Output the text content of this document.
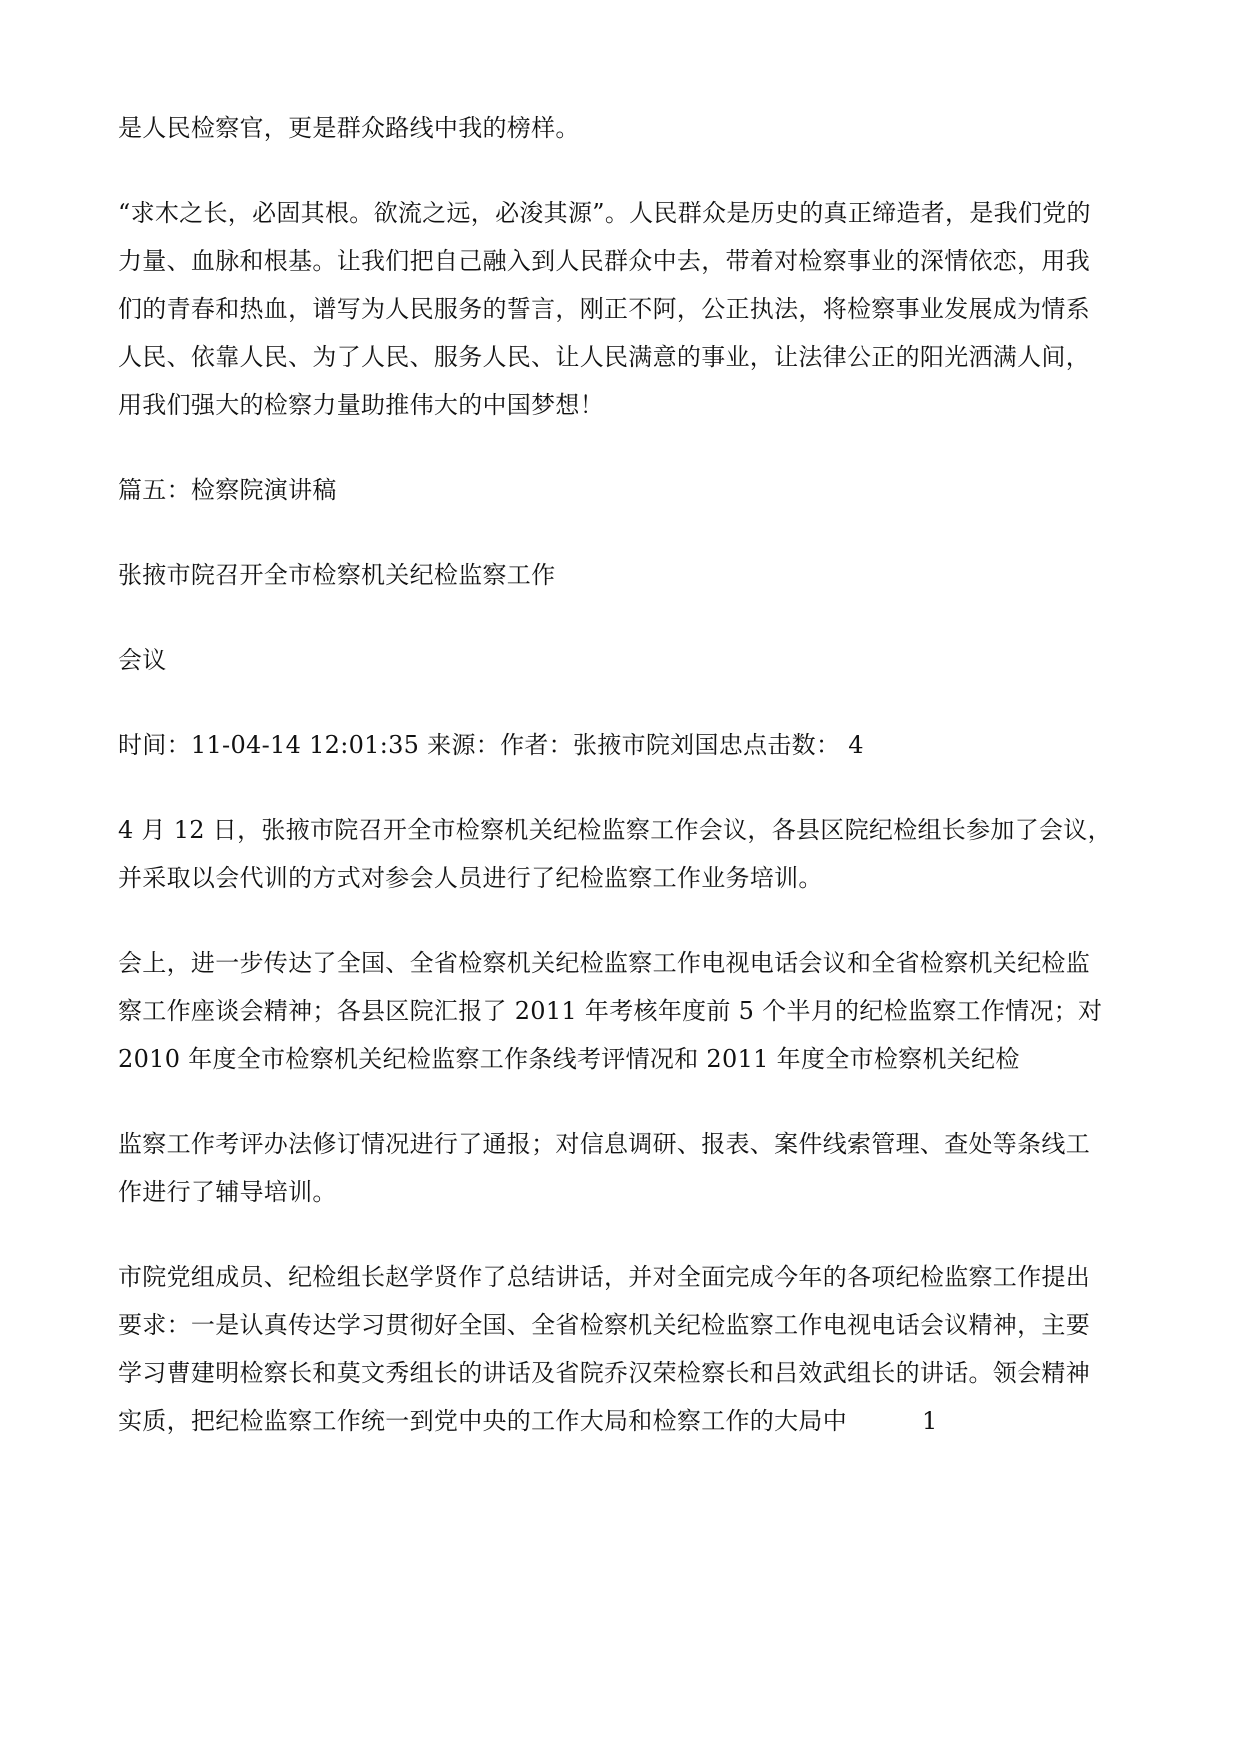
是人民检察官，更是群众路线中我的榜样。

“求木之长，必固其根。欲流之远，必浚其源”。人民群众是历史的真正缔造者，是我们党的

力量、血脉和根基。让我们把自己融入到人民群众中去，带着对检察事业的深情依恋，用我

们的青春和热血，谱写为人民服务的誓言，刚正不阿，公正执法，将检察事业发展成为情系

人民、依靠人民、为了人民、服务人民、让人民满意的事业，让法律公正的阳光洒满人间，

用我们强大的检察力量助推伟大的中国梦想！

篇五：检察院演讲稿

张掖市院召开全市检察机关纪检监察工作

会议

时间：11-04-14 12:01:35 来源：作者：张掖市院刘国忠点击数： 4

4 月 12 日，张掖市院召开全市检察机关纪检监察工作会议，各县区院纪检组长参加了会议，

并采取以会代训的方式对参会人员进行了纪检监察工作业务培训。

会上，进一步传达了全国、全省检察机关纪检监察工作电视电话会议和全省检察机关纪检监

察工作座谈会精神；各县区院汇报了 2011 年考核年度前 5 个半月的纪检监察工作情况；对

2010 年度全市检察机关纪检监察工作条线考评情况和 2011 年度全市检察机关纪检

监察工作考评办法修订情况进行了通报；对信息调研、报表、案件线索管理、查处等条线工

作进行了辅导培训。

市院党组成员、纪检组长赵学贤作了总结讲话，并对全面完成今年的各项纪检监察工作提出

要求：一是认真传达学习贯彻好全国、全省检察机关纪检监察工作电视电话会议精神，主要

学习曹建明检察长和莫文秀组长的讲话及省院乔汉荣检察长和吕效武组长的讲话。领会精神

实质，把纪检监察工作统一到党中央的工作大局和检察工作的大局中	1
